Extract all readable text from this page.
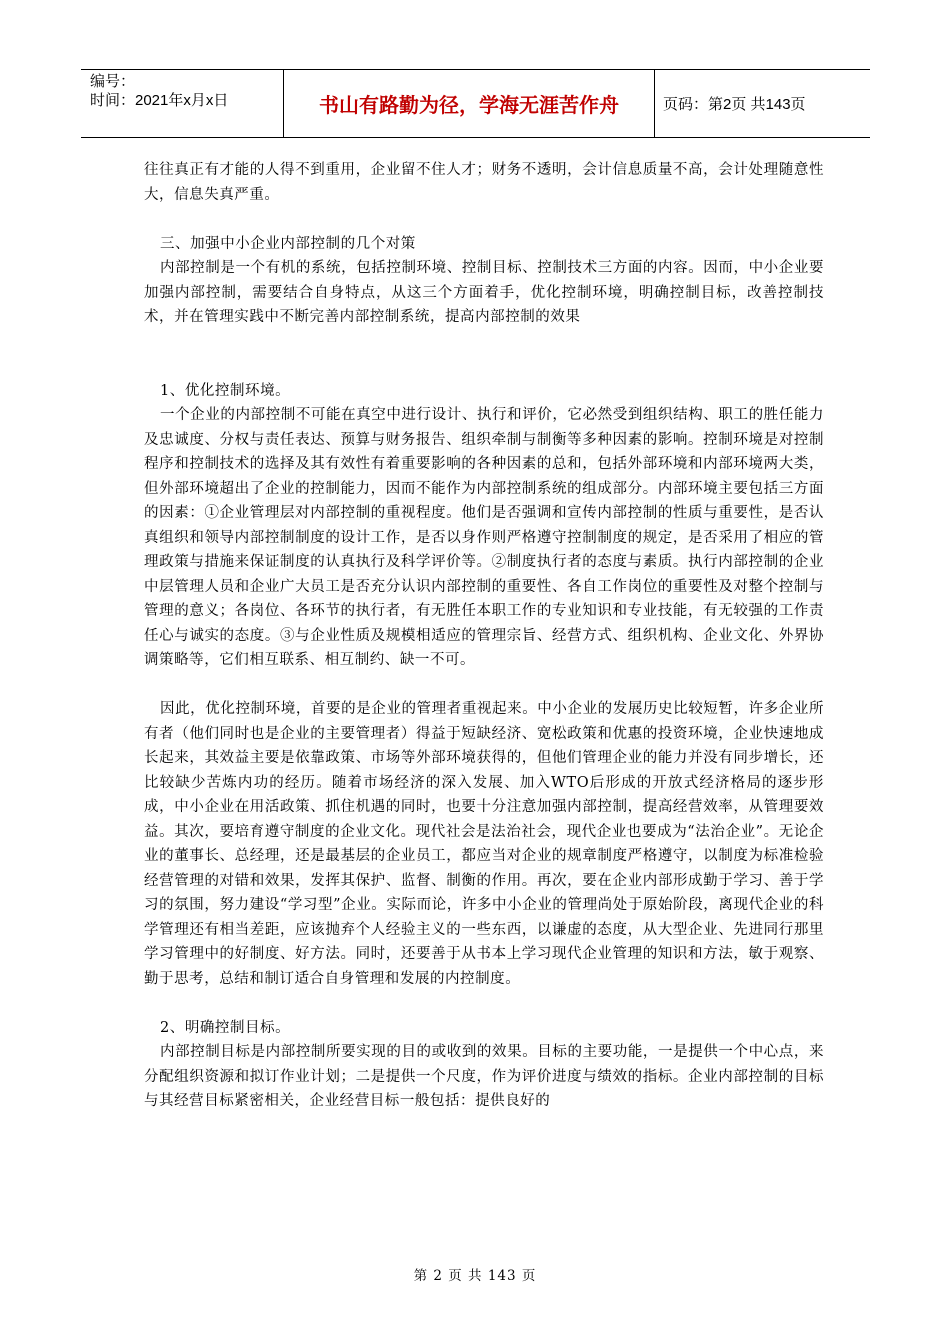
编号：
时间：2021年x月x日	书山有路勤为径，学海无涯苦作舟	页码：第2页 共143页

往往真正有才能的人得不到重用，企业留不住人才；财务不透明，会计信息质量不高，会计处理随意性大，信息失真严重。

三、加强中小企业内部控制的几个对策

内部控制是一个有机的系统，包括控制环境、控制目标、控制技术三方面的内容。因而，中小企业要加强内部控制，需要结合自身特点，从这三个方面着手，优化控制环境，明确控制目标，改善控制技术，并在管理实践中不断完善内部控制系统，提高内部控制的效果

1、优化控制环境。

一个企业的内部控制不可能在真空中进行设计、执行和评价，它必然受到组织结构、职工的胜任能力及忠诚度、分权与责任表达、预算与财务报告、组织牵制与制衡等多种因素的影响。控制环境是对控制程序和控制技术的选择及其有效性有着重要影响的各种因素的总和，包括外部环境和内部环境两大类，但外部环境超出了企业的控制能力，因而不能作为内部控制系统的组成部分。内部环境主要包括三方面的因素：①企业管理层对内部控制的重视程度。他们是否强调和宣传内部控制的性质与重要性，是否认真组织和领导内部控制制度的设计工作，是否以身作则严格遵守控制制度的规定，是否采用了相应的管理政策与措施来保证制度的认真执行及科学评价等。②制度执行者的态度与素质。执行内部控制的企业中层管理人员和企业广大员工是否充分认识内部控制的重要性、各自工作岗位的重要性及对整个控制与管理的意义；各岗位、各环节的执行者，有无胜任本职工作的专业知识和专业技能，有无较强的工作责任心与诚实的态度。③与企业性质及规模相适应的管理宗旨、经营方式、组织机构、企业文化、外界协调策略等，它们相互联系、相互制约、缺一不可。

因此，优化控制环境，首要的是企业的管理者重视起来。中小企业的发展历史比较短暂，许多企业所有者（他们同时也是企业的主要管理者）得益于短缺经济、宽松政策和优惠的投资环境，企业快速地成长起来，其效益主要是依靠政策、市场等外部环境获得的，但他们管理企业的能力并没有同步增长，还比较缺少苦炼内功的经历。随着市场经济的深入发展、加入WTO后形成的开放式经济格局的逐步形成，中小企业在用活政策、抓住机遇的同时，也要十分注意加强内部控制，提高经营效率，从管理要效益。其次，要培育遵守制度的企业文化。现代社会是法治社会，现代企业也要成为“法治企业”。无论企业的董事长、总经理，还是最基层的企业员工，都应当对企业的规章制度严格遵守，以制度为标准检验经营管理的对错和效果，发挥其保护、监督、制衡的作用。再次，要在企业内部形成勤于学习、善于学习的氛围，努力建设“学习型”企业。实际而论，许多中小企业的管理尚处于原始阶段，离现代企业的科学管理还有相当差距，应该抛弃个人经验主义的一些东西，以谦虚的态度，从大型企业、先进同行那里学习管理中的好制度、好方法。同时，还要善于从书本上学习现代企业管理的知识和方法，敏于观察、勤于思考，总结和制订适合自身管理和发展的内控制度。

2、明确控制目标。

内部控制目标是内部控制所要实现的目的或收到的效果。目标的主要功能，一是提供一个中心点，来分配组织资源和拟订作业计划；二是提供一个尺度，作为评价进度与绩效的指标。企业内部控制的目标与其经营目标紧密相关，企业经营目标一般包括：提供良好的

第 2 页 共 143 页
